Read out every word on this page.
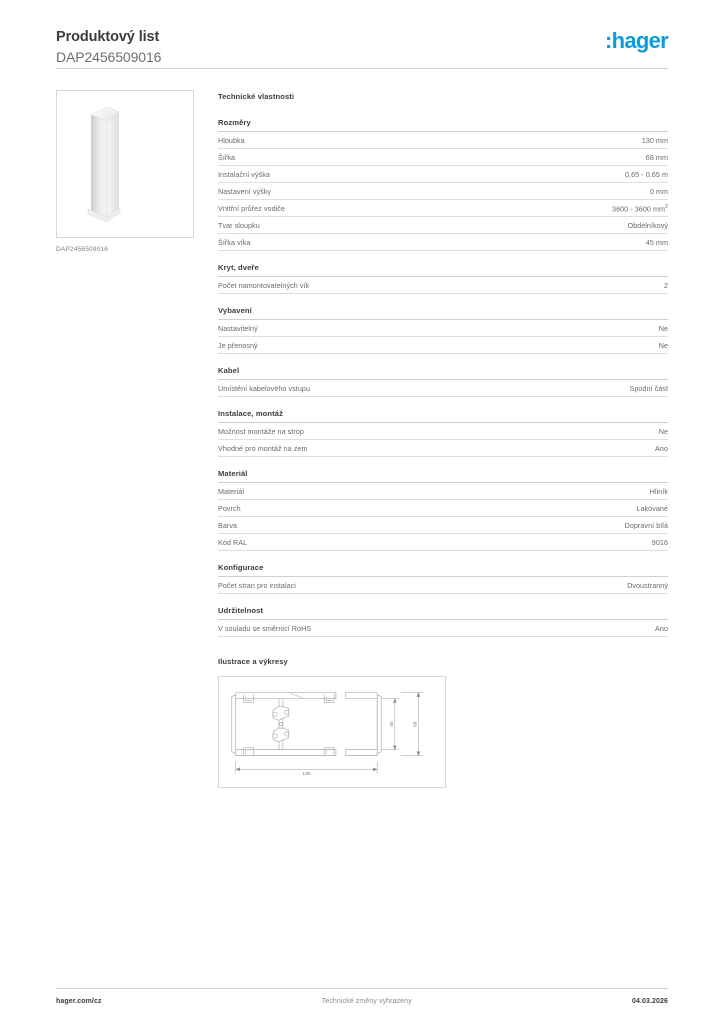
Produktový list
DAP2456509016
:hager
DAP2456509016
Technické vlastnosti
Rozměry
Hloubka	130 mm
Šířka	68 mm
Instalační výška	0,65 - 0,65 m
Nastavení výšky	0 mm
Vnitřní průřez vodiče	3600 - 3600 $mm^2$
Tvar sloupku	Obdélníkový
Šířka víka	45 mm
Kryt, dveře
Počet namontovatelných vík	2
Vybavení
Nastavitelný	Ne
Je přenosný	Ne
Kabel
Umístění kabelového vstupu	Spodní část
Instalace, montáž
Možnost montáže na strop	Ne
Vhodné pro montáž na zem	Ano
Materiál
Materiál	Hliník
Povrch	Lakované
Barva	Dopravní bílá
Kód RAL	9016
Konfigurace
Počet stran pro instalaci	Dvoustranný
Udržitelnost
V souladu se směrnicí RoHS	Ano
Ilustrace a výkresy
130
45	68
hager.com/cz	Technické změny vyhrazeny	04.03.2026
